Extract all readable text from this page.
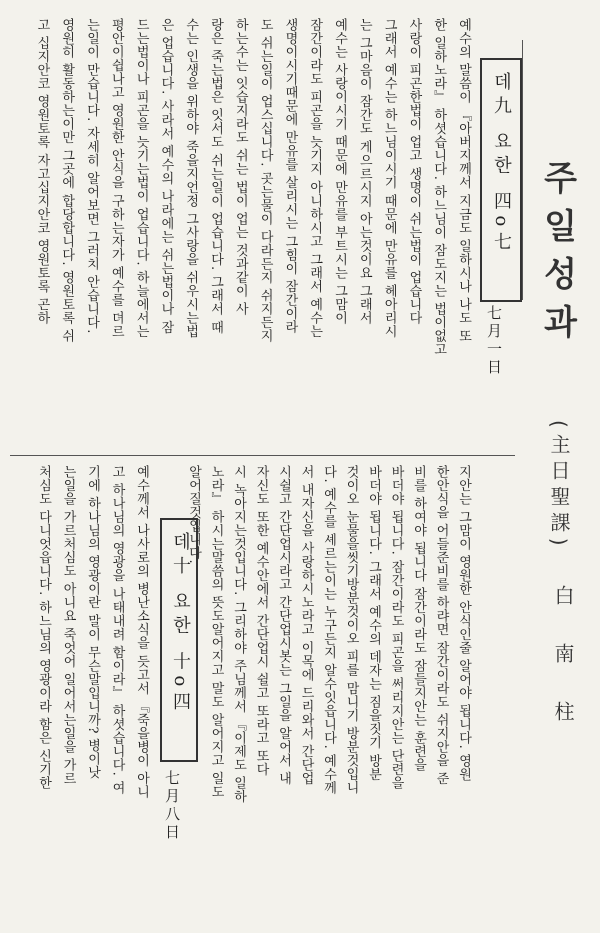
주일성과
(主日聖課)
白南柱
데九 요한 四o七
七月一日
예수의 말씀이 『아버지께서 지금도 일하시나 나도 또
한 일하노라』 하셧습니다. 하느님이 잠도지는 법이없고
사랑이 피곤한법이 업고 생명이 쉬는법이 업습니다
그래서 예수는 하느님이시기 때문에 만유를 헤아리시
는 그마음이 잠간도 게으르시지 아는것이요 그래서
예수는 사랑이시기 때문에 만유를 부트시는 그맘이
잠간이라도 피곤을 늣기지 아니하시고 그래서 예수는
생명이시기때문에 만유를 살리시는 그힘이 잠간이라
도 쉬는일이 업스십니다. 곳는물이 다라든지 쉬지든지
하는수는 잇습지라도 쉬는 법이 업는 것과같이 사
랑은 죽는법은 잇서도 쉬는일이 업습니다. 그래서 때
수는 인생을 위하야 죽을지언정 그사랑을 쉬우시는법
은 업습니다. 사라서 예수의 나라에는 쉬는법이나 잠
드는법이나 피곤을 늣기는법이 업습니다. 하늘에서는
평안이쉽나고 영원한 안식을 구하는자가 예수를 뎌르
는일이 만습니다. 자세히 알어보면 그러치 안습니다.
영원히 활동하는이만 그곳에 합당합니다. 영원토록 쉬
고 십지안코 영원토록 자고십지안코 영원토록 곤하
데十 요한 十o四
七月八日
지안는 그맘이 영원한 안식인줄 알어야 됩니다. 영원
한안식을 어들준비를 하랴면 잠간이라도 쉬지안을 준
비를 하여야 됩니다 잠간이라도 잠들지안는 훈련을
바더야 됩니다. 잠간이라도 피곤을 써리지안는 단련을
바더야 됩니다. 그래서 예수의 데자는 짐을짓기 방분
것이오 눈물을씻기방분것이오 피를 맘니기 방분것입니
다. 예수를 셰르는이는 누구든지 알수잇읍니다. 예수께
서 내자신을 사랑하시노라고 이목에 드리와서 간단업
시쉴고 간단업시라고 간단업시봇는 그일을 알어서 내
자신도 또한 예수안에서 간단업시 쉴고 또라고 또다
시 녹아지는것입니다. 그리하야 주님께서 『이제도 일하
노라』 하시는말씀의 뜻도알어지고 말도 알어지고 일도
알어질것입니다.
예수께서 나사로의 병난소식을 듯고서 『죽을병이 아니
고 하나님의 영광을 나태내려 함이라』 하셧습니다. 여
기에 하나님의 영광이란 말이 무슨말입니까? 병이낫
는일을 가르처심도 아니요 죽엇어 일어서는일을 가르
처심도 다니엇읍니다. 하느님의 영광이라 함은 신기한
